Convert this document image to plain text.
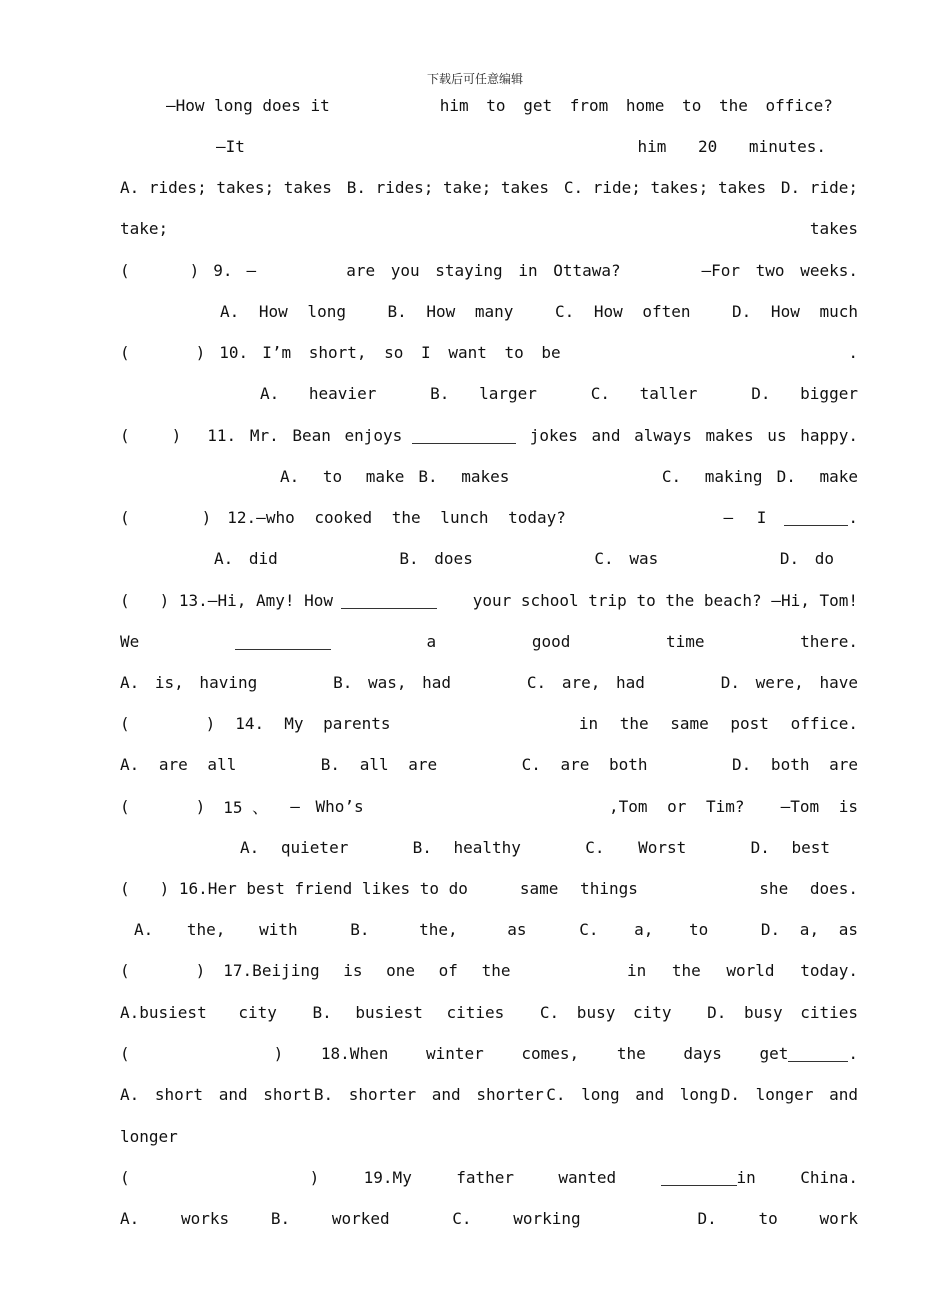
下载后可任意编辑
—How long does it	him to get from home to the office?
—It	him 20 minutes.
A. rides; takes; takes B. rides; take; takes C. ride; takes; takes D. ride;
take;	takes
(	) 9. —	are you staying in Ottawa?	—For two weeks.
A. How long	B. How many	C. How often	D. How much
(	) 10. I’m short, so I want to be	.
A. heavier	B. larger	C. taller	D. bigger
(	) 11. Mr. Bean enjoys	jokes and always makes us happy.
A. to make B. makes	C. making D. make
(	) 12.—who cooked the lunch today?	— I	.
A. did	B. does	C. was	D. do
( ) 13.—Hi, Amy! How	your school trip to the beach? —Hi, Tom!
We	a	good	time	there.
A. is, having	B. was, had	C. are, had	D. were, have
(	) 14. My parents	in the same post office.
A. are all	B. all are	C. are both	D. both are
(	) 15 、 — Who’s	,Tom or Tim? —Tom is
A. quieter	B. healthy	C. Worst	D. best
( ) 16.Her best friend likes to do	same things	she does.
A. the, with	B. the, as	C. a, to	D. a, as
(	) 17.Beijing is one of the	in the world today.
A.busiest city B. busiest cities C. busy city D. busy cities
(	) 18.When winter comes, the days get	.
A. short and short B. shorter and shorter C. long and long D. longer and
longer
(	)	19.My	father	wanted	in	China.
A.	works	B.	worked	C.	working	D.	to	work
